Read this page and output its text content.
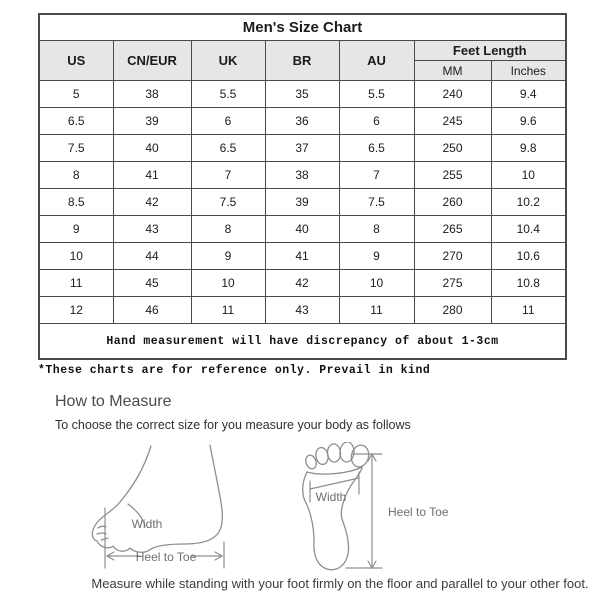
Men's Size Chart						
US	CN/EUR	UK	BR	AU	Feet Length	
					MM	Inches
5	38	5.5	35	5.5	240	9.4
6.5	39	6	36	6	245	9.6
7.5	40	6.5	37	6.5	250	9.8
8	41	7	38	7	255	10
8.5	42	7.5	39	7.5	260	10.2
9	43	8	40	8	265	10.4
10	44	9	41	9	270	10.6
11	45	10	42	10	275	10.8
12	46	11	43	11	280	11
Hand measurement will have discrepancy of about 1-3cm						
*These charts are for reference only. Prevail in kind
How to Measure
To choose the correct size for you measure your body as follows
Width
Heel to Toe
Width
Heel to Toe
Measure while standing with your foot firmly on the floor and parallel to your other foot.
